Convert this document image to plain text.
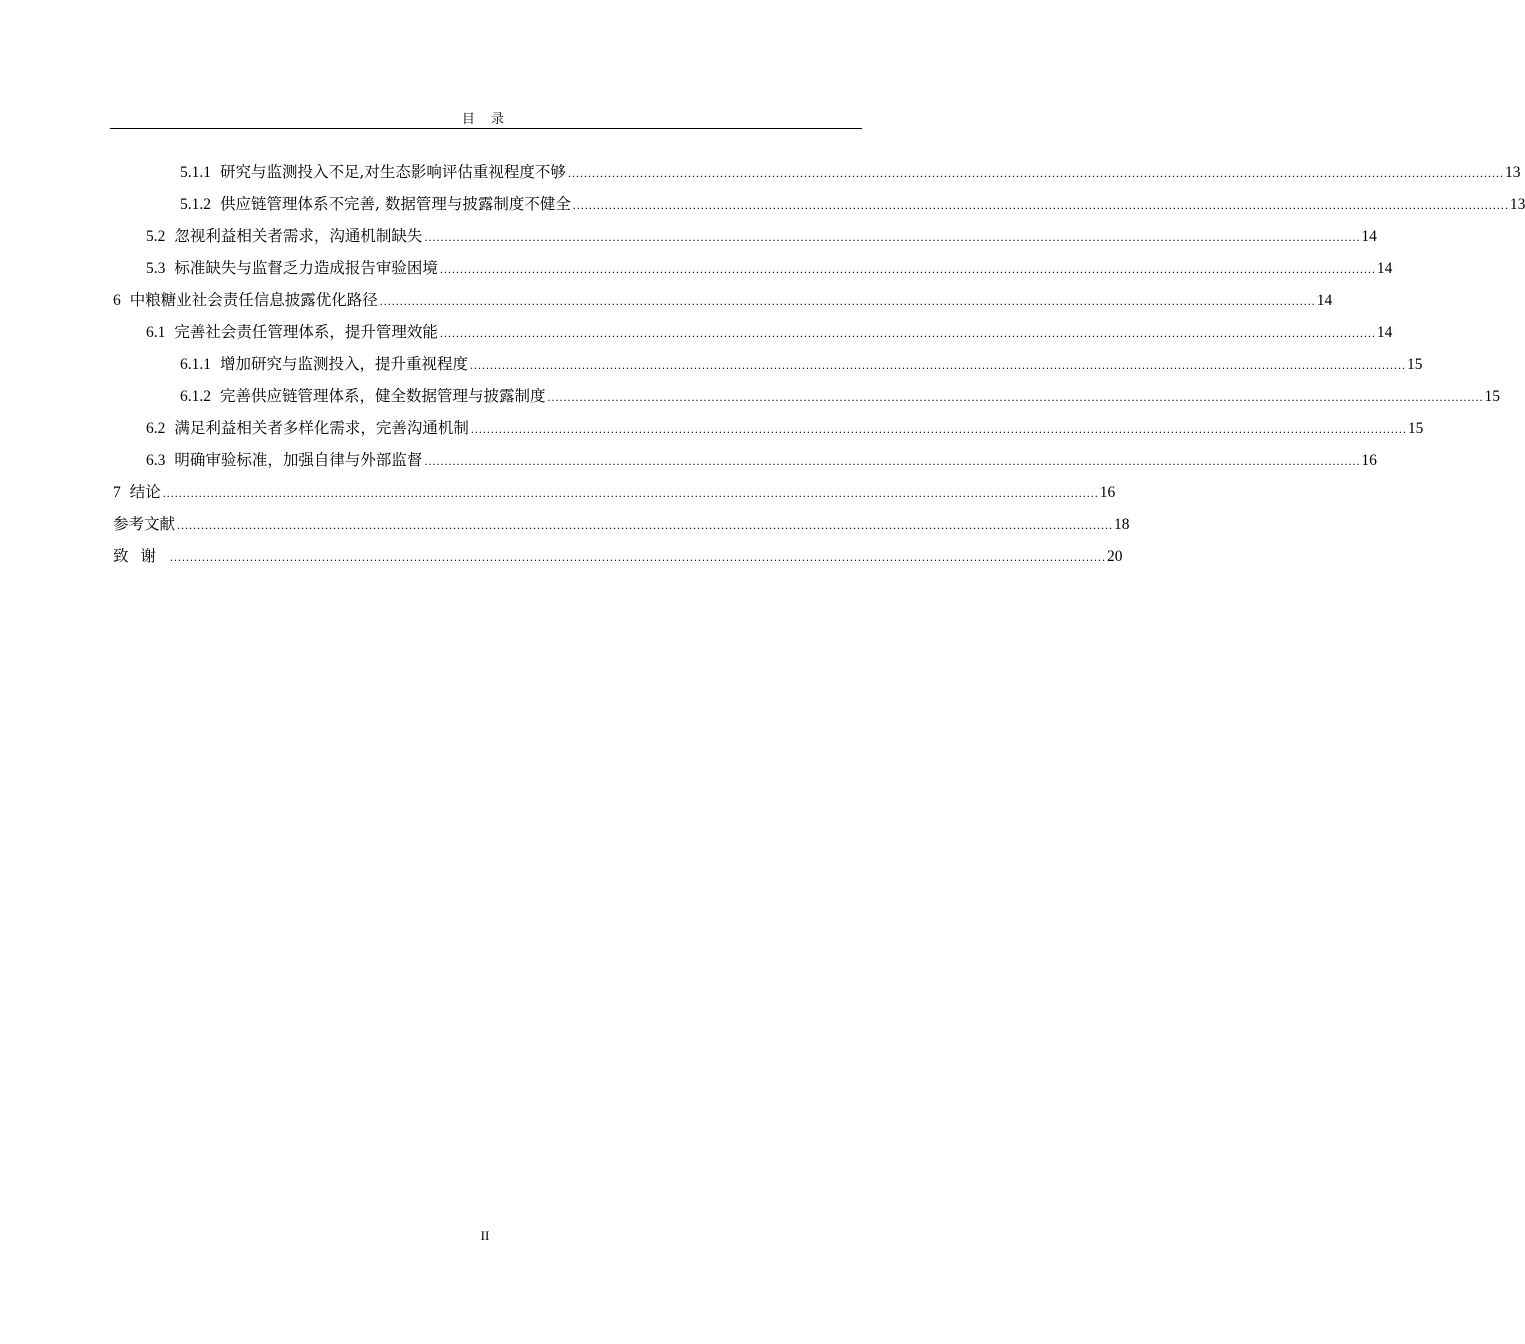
目 录
5.1.1 研究与监测投入不足,对生态影响评估重视程度不够 .....	13
5.1.2 供应链管理体系不完善, 数据管理与披露制度不健全 .....	13
5.2 忽视利益相关者需求，沟通机制缺失 .....	14
5.3 标准缺失与监督乏力造成报告审验困境 .....	14
6 中粮糖业社会责任信息披露优化路径 .....	14
6.1 完善社会责任管理体系，提升管理效能 .....	14
6.1.1 增加研究与监测投入，提升重视程度 .....	15
6.1.2 完善供应链管理体系，健全数据管理与披露制度 .....	15
6.2 满足利益相关者多样化需求，完善沟通机制 .....	15
6.3 明确审验标准，加强自律与外部监督 .....	16
7 结论 .....	16
参考文献 .....	18
致谢 .....	20
II
